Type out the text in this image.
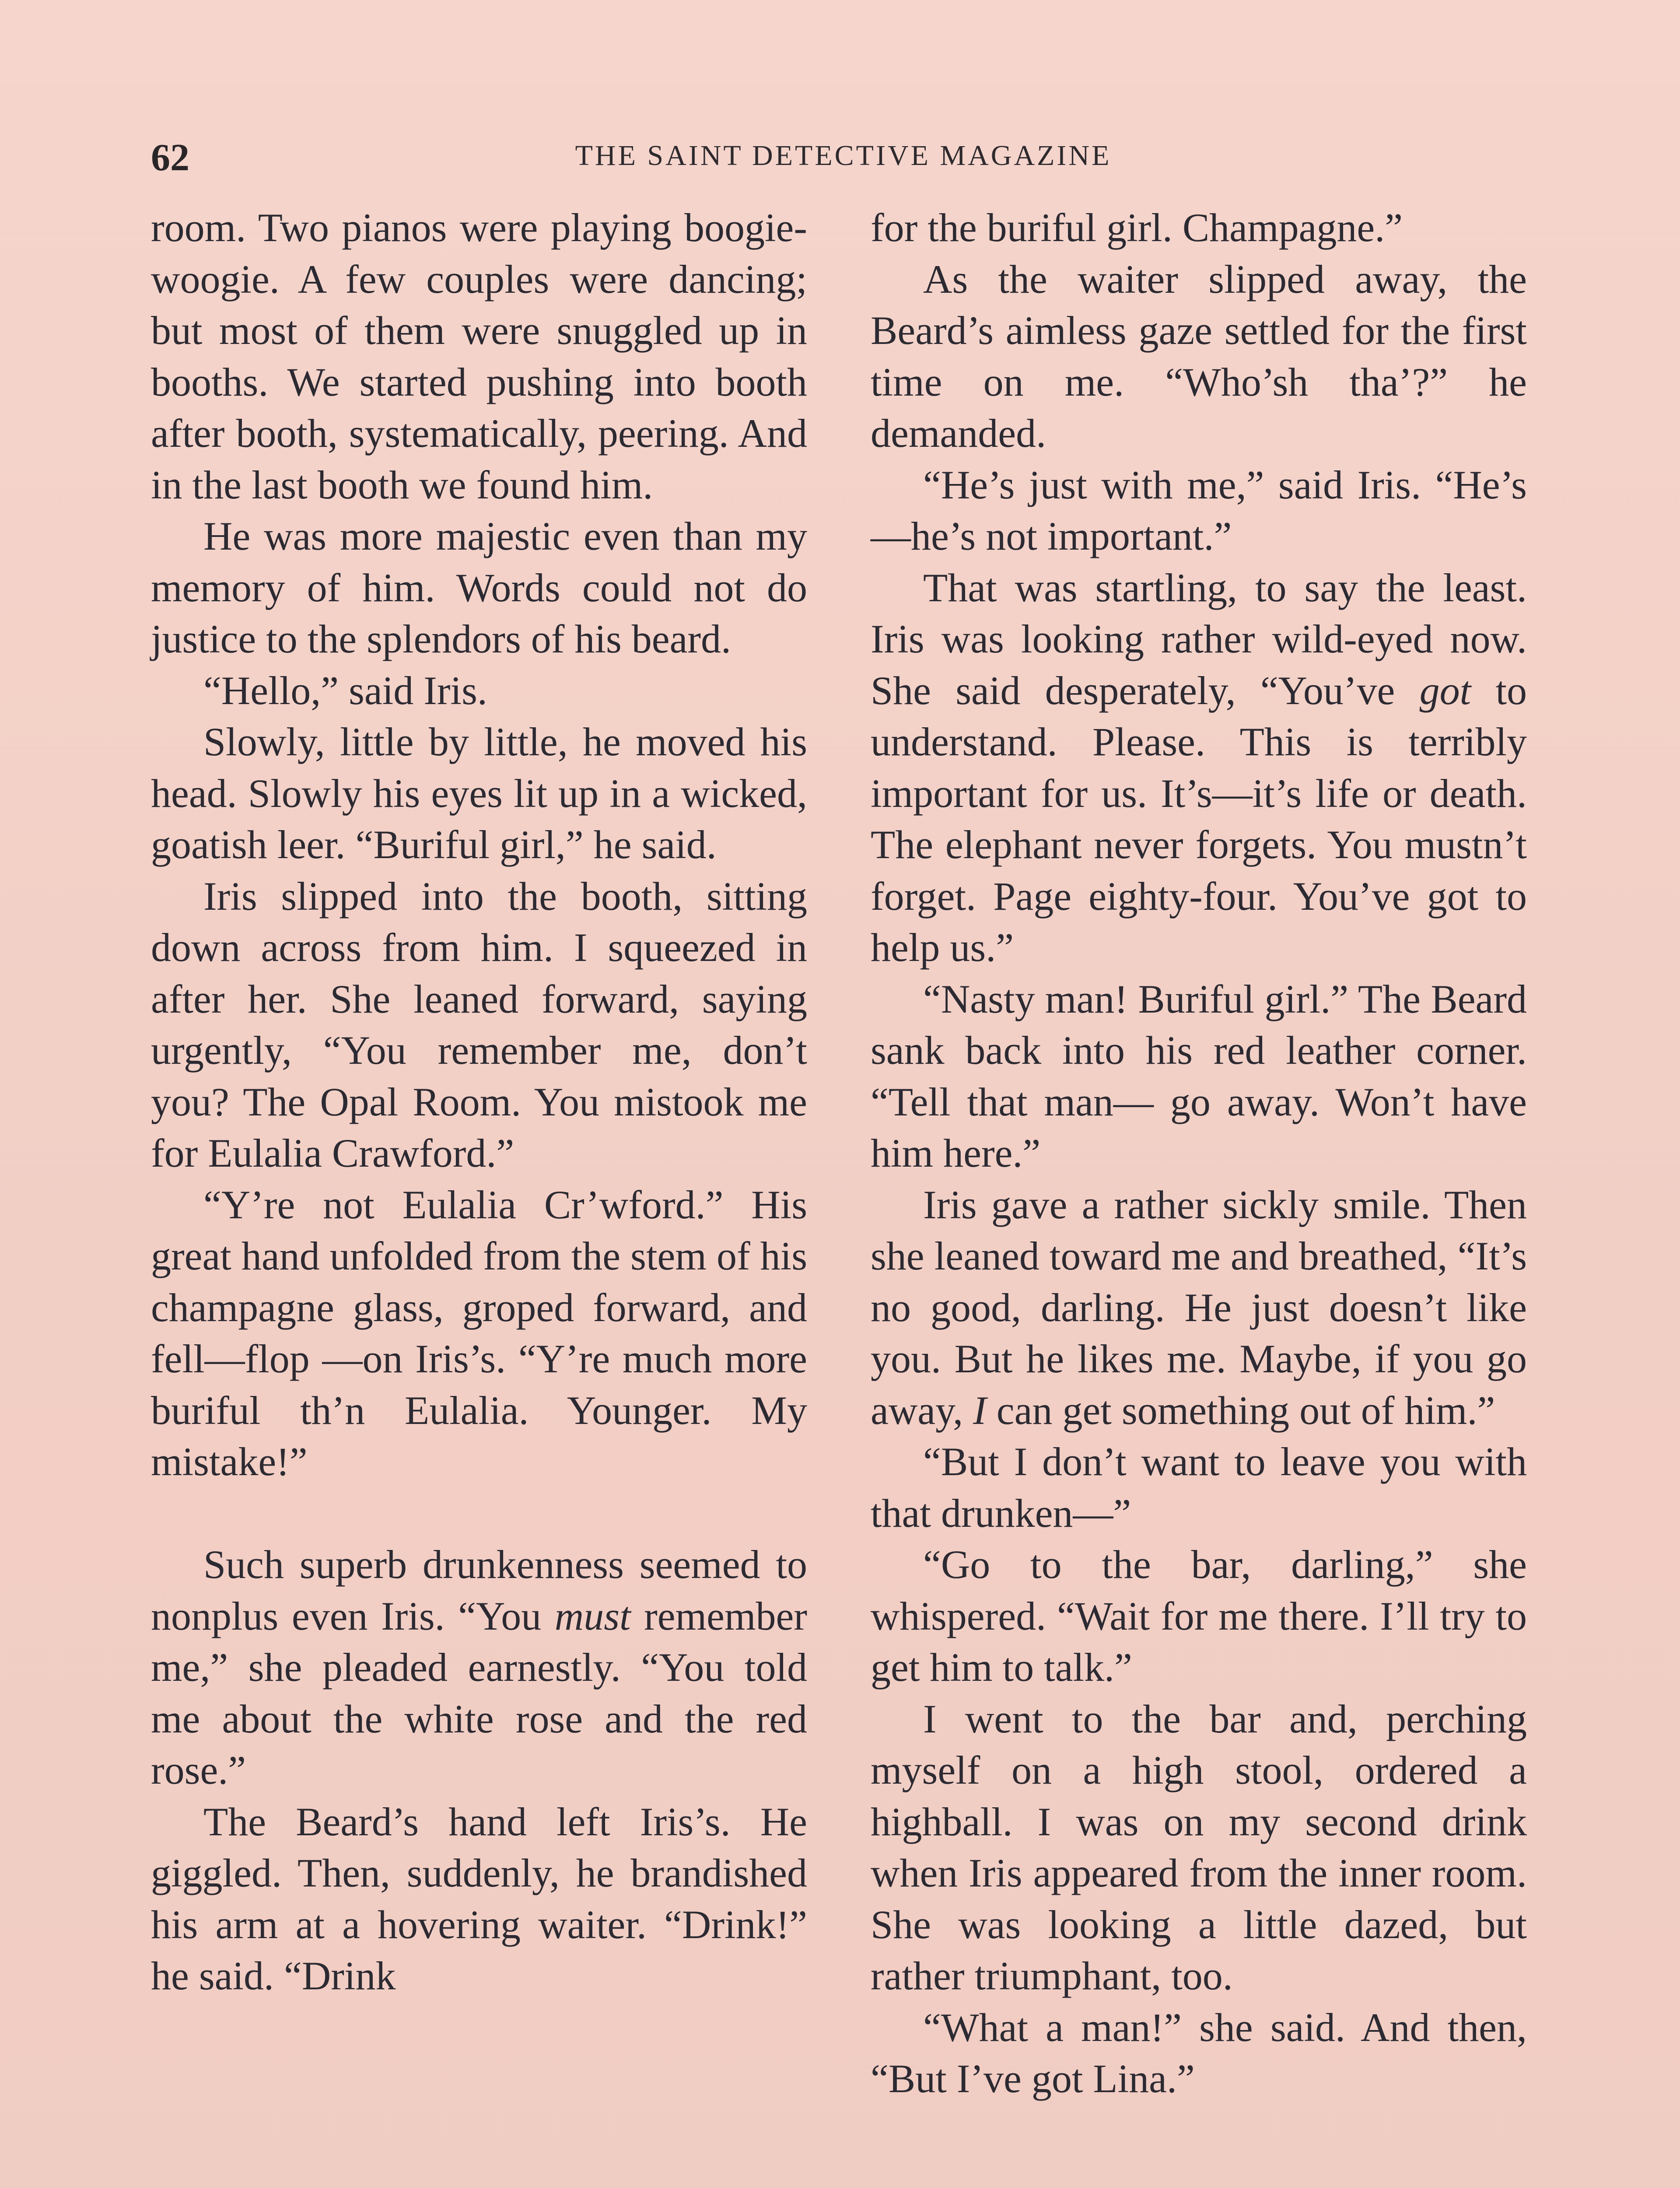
62	THE SAINT DETECTIVE MAGAZINE

room. Two pianos were playing boogie-woogie. A few couples were dancing; but most of them were snuggled up in booths. We started pushing into booth after booth, systematically, peering. And in the last booth we found him.

He was more majestic even than my memory of him. Words could not do justice to the splendors of his beard.

“Hello,” said Iris.

Slowly, little by little, he moved his head. Slowly his eyes lit up in a wicked, goatish leer. “Buriful girl,” he said.

Iris slipped into the booth, sitting down across from him. I squeezed in after her. She leaned forward, saying urgently, “You remember me, don’t you? The Opal Room. You mistook me for Eulalia Crawford.”

“Y’re not Eulalia Cr’wford.” His great hand unfolded from the stem of his champagne glass, groped forward, and fell—flop —on Iris’s. “Y’re much more buriful th’n Eulalia. Younger. My mistake!”

Such superb drunkenness seemed to nonplus even Iris. “You must remember me,” she pleaded earnestly. “You told me about the white rose and the red rose.”

The Beard’s hand left Iris’s. He giggled. Then, suddenly, he brandished his arm at a hovering waiter. “Drink!” he said. “Drink

for the buriful girl. Champagne.”

As the waiter slipped away, the Beard’s aimless gaze settled for the first time on me. “Who’sh tha’?” he demanded.

“He’s just with me,” said Iris. “He’s—he’s not important.”

That was startling, to say the least. Iris was looking rather wild-eyed now. She said desperately, “You’ve got to understand. Please. This is terribly important for us. It’s—it’s life or death. The elephant never forgets. You mustn’t forget. Page eighty-four. You’ve got to help us.”

“Nasty man! Buriful girl.” The Beard sank back into his red leather corner. “Tell that man— go away. Won’t have him here.”

Iris gave a rather sickly smile. Then she leaned toward me and breathed, “It’s no good, darling. He just doesn’t like you. But he likes me. Maybe, if you go away, I can get something out of him.”

“But I don’t want to leave you with that drunken—”

“Go to the bar, darling,” she whispered. “Wait for me there. I’ll try to get him to talk.”

I went to the bar and, perching myself on a high stool, ordered a highball. I was on my second drink when Iris appeared from the inner room. She was looking a little dazed, but rather triumphant, too.

“What a man!” she said. And then, “But I’ve got Lina.”
